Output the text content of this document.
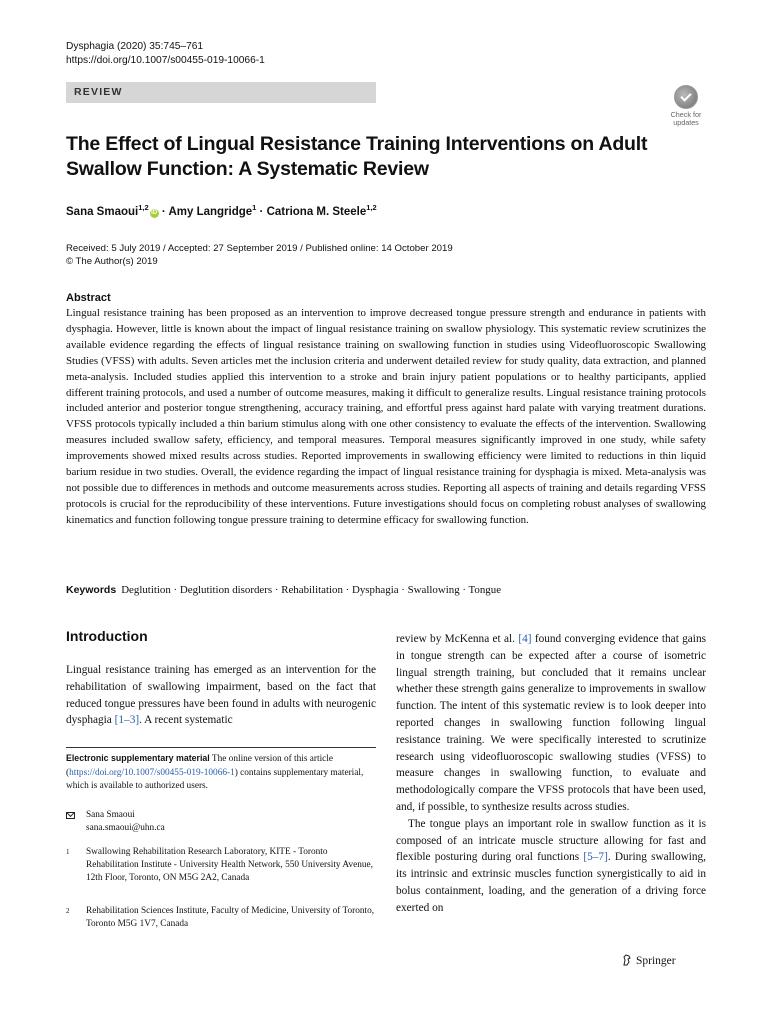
Dysphagia (2020) 35:745–761
https://doi.org/10.1007/s00455-019-10066-1
REVIEW
Check for
updates
The Effect of Lingual Resistance Training Interventions on Adult Swallow Function: A Systematic Review
Sana Smaoui$^{1,2}$iD · Amy Langridge$^1$ · Catriona M. Steele$^{1,2}$
Received: 5 July 2019 / Accepted: 27 September 2019 / Published online: 14 October 2019
© The Author(s) 2019
Abstract
Lingual resistance training has been proposed as an intervention to improve decreased tongue pressure strength and endurance in patients with dysphagia. However, little is known about the impact of lingual resistance training on swallow physiology. This systematic review scrutinizes the available evidence regarding the effects of lingual resistance training on swallowing function in studies using Videofluoroscopic Swallowing Studies (VFSS) with adults. Seven articles met the inclusion criteria and underwent detailed review for study quality, data extraction, and planned meta-analysis. Included studies applied this intervention to a stroke and brain injury patient populations or to healthy participants, applied different training protocols, and used a number of outcome measures, making it difficult to generalize results. Lingual resistance training protocols included anterior and posterior tongue strengthening, accuracy training, and effortful press against hard palate with varying treatment durations. VFSS protocols typically included a thin barium stimulus along with one other consistency to evaluate the effects of the intervention. Swallowing measures included swallow safety, efficiency, and temporal measures. Temporal measures significantly improved in one study, while safety improvements showed mixed results across studies. Reported improvements in swallowing efficiency were limited to reductions in thin liquid barium residue in two studies. Overall, the evidence regarding the impact of lingual resistance training for dysphagia is mixed. Meta-analysis was not possible due to differences in methods and outcome measurements across studies. Reporting all aspects of training and details regarding VFSS protocols is crucial for the reproducibility of these interventions. Future investigations should focus on completing robust analyses of swallowing kinematics and function following tongue pressure training to determine efficacy for swallowing function.
Keywords Deglutition · Deglutition disorders · Rehabilitation · Dysphagia · Swallowing · Tongue
Introduction

Lingual resistance training has emerged as an intervention for the rehabilitation of swallowing impairment, based on the fact that reduced tongue pressures have been found in adults with neurogenic dysphagia [1–3]. A recent systematic

review by McKenna et al. [4] found converging evidence that gains in tongue strength can be expected after a course of isometric lingual strength training, but concluded that it remains unclear whether these strength gains generalize to improvements in swallow function. The intent of this systematic review is to look deeper into reported changes in swallowing function following lingual resistance training. We were specifically interested to scrutinize research using videofluoroscopic swallowing studies (VFSS) to measure changes in swallowing function, to evaluate and methodologically compare the VFSS protocols that have been used, and, if possible, to synthesize results across studies.

The tongue plays an important role in swallow function as it is composed of an intricate muscle structure allowing for fast and flexible posturing during oral functions [5–7]. During swallowing, its intrinsic and extrinsic muscles function synergistically to aid in bolus containment, loading, and the generation of a driving force exerted on

Electronic supplementary material The online version of this article (https://doi.org/10.1007/s00455-019-10066-1) contains supplementary material, which is available to authorized users.
Sana Smaoui
sana.smaoui@uhn.ca
1 Swallowing Rehabilitation Research Laboratory, KITE - Toronto Rehabilitation Institute - University Health Network, 550 University Avenue, 12th Floor, Toronto, ON M5G 2A2, Canada
2 Rehabilitation Sciences Institute, Faculty of Medicine, University of Toronto, Toronto M5G 1V7, Canada
Springer
